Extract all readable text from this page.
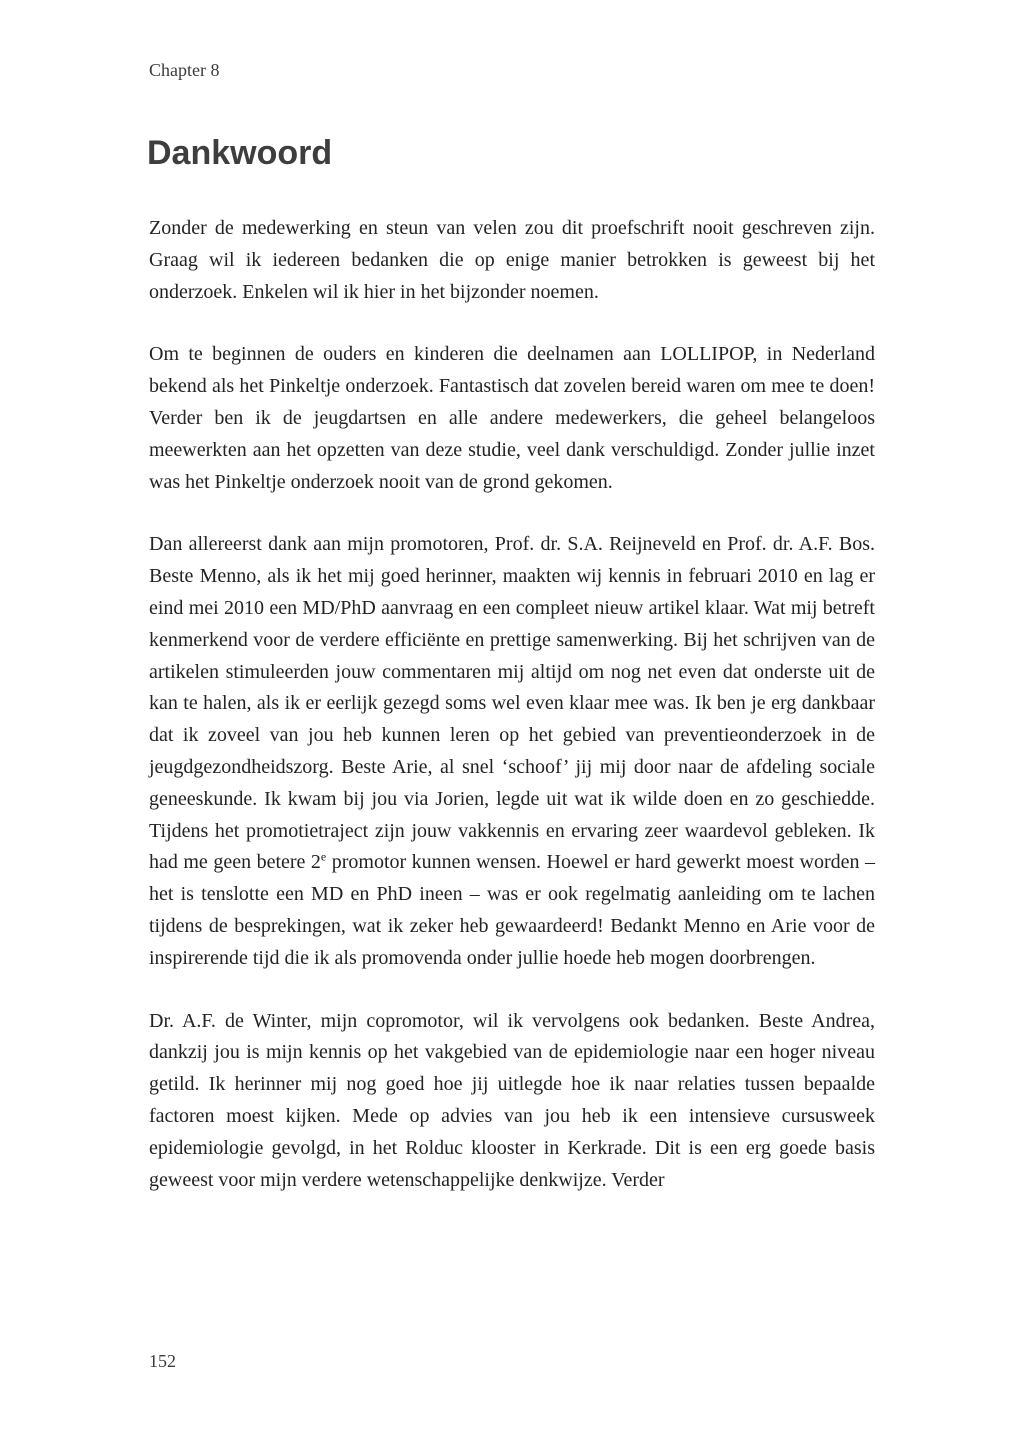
Chapter 8
Dankwoord

Zonder de medewerking en steun van velen zou dit proefschrift nooit geschreven zijn. Graag wil ik iedereen bedanken die op enige manier betrokken is geweest bij het onderzoek. Enkelen wil ik hier in het bijzonder noemen.

Om te beginnen de ouders en kinderen die deelnamen aan LOLLIPOP, in Nederland bekend als het Pinkeltje onderzoek. Fantastisch dat zovelen bereid waren om mee te doen! Verder ben ik de jeugdartsen en alle andere medewerkers, die geheel belangeloos meewerkten aan het opzetten van deze studie, veel dank verschuldigd. Zonder jullie inzet was het Pinkeltje onderzoek nooit van de grond gekomen.

Dan allereerst dank aan mijn promotoren, Prof. dr. S.A. Reijneveld en Prof. dr. A.F. Bos. Beste Menno, als ik het mij goed herinner, maakten wij kennis in februari 2010 en lag er eind mei 2010 een MD/PhD aanvraag en een compleet nieuw artikel klaar. Wat mij betreft kenmerkend voor de verdere efficiënte en prettige samenwerking. Bij het schrijven van de artikelen stimuleerden jouw commentaren mij altijd om nog net even dat onderste uit de kan te halen, als ik er eerlijk gezegd soms wel even klaar mee was. Ik ben je erg dankbaar dat ik zoveel van jou heb kunnen leren op het gebied van preventieonderzoek in de jeugdgezondheidszorg. Beste Arie, al snel ‘schoof’ jij mij door naar de afdeling sociale geneeskunde. Ik kwam bij jou via Jorien, legde uit wat ik wilde doen en zo geschiedde. Tijdens het promotietraject zijn jouw vakkennis en ervaring zeer waardevol gebleken. Ik had me geen betere 2e promotor kunnen wensen. Hoewel er hard gewerkt moest worden – het is tenslotte een MD en PhD ineen – was er ook regelmatig aanleiding om te lachen tijdens de besprekingen, wat ik zeker heb gewaardeerd! Bedankt Menno en Arie voor de inspirerende tijd die ik als promovenda onder jullie hoede heb mogen doorbrengen.

Dr. A.F. de Winter, mijn copromotor, wil ik vervolgens ook bedanken. Beste Andrea, dankzij jou is mijn kennis op het vakgebied van de epidemiologie naar een hoger niveau getild. Ik herinner mij nog goed hoe jij uitlegde hoe ik naar relaties tussen bepaalde factoren moest kijken. Mede op advies van jou heb ik een intensieve cursusweek epidemiologie gevolgd, in het Rolduc klooster in Kerkrade. Dit is een erg goede basis geweest voor mijn verdere wetenschappelijke denkwijze. Verder

152
